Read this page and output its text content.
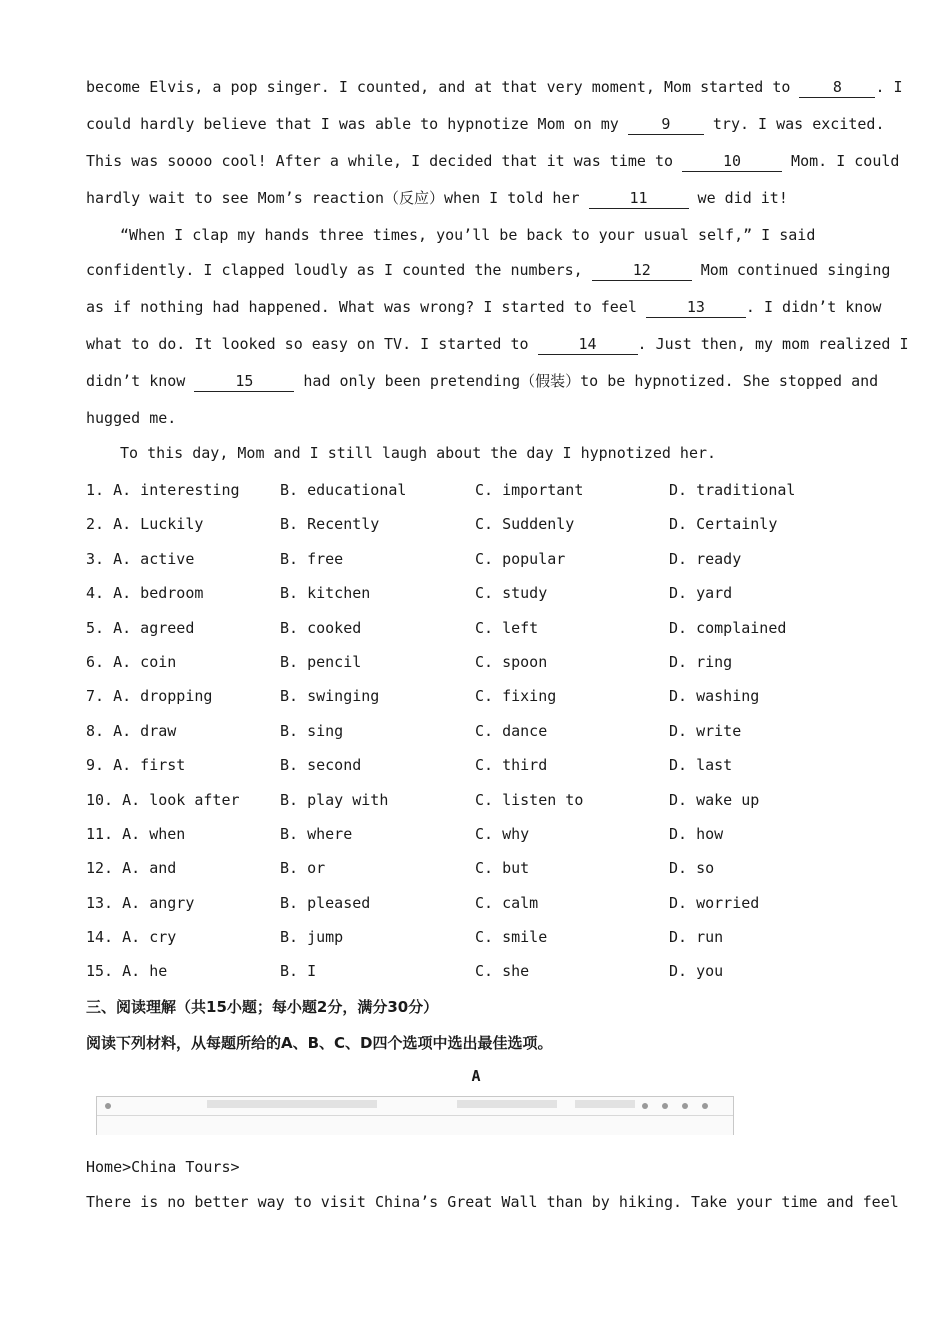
become Elvis, a pop singer. I counted, and at that very moment, Mom started to 8 . I
could hardly believe that I was able to hypnotize Mom on my 9 try. I was excited.
This was soooo cool! After a while, I decided that it was time to	10	Mom. I could
hardly wait to see Mom’s reaction（反应）when I told her	11	we did it!
“When I clap my hands three times, you’ll be back to your usual self,” I said
confidently. I clapped loudly as I counted the numbers,	12	Mom continued singing
as if nothing had happened. What was wrong? I started to feel	13	. I didn’t know
what to do. It looked so easy on TV. I started to	14	. Just then, my mom realized I
didn’t know	15	had only been pretending（假装）to be hypnotized. She stopped and
hugged me.
To this day, Mom and I still laugh about the day I hypnotized her.
1. A. interesting	B. educational	C. important	D. traditional
2. A. Luckily	B. Recently	C. Suddenly	D. Certainly
3. A. active	B. free	C. popular	D. ready
4. A. bedroom	B. kitchen	C. study	D. yard
5. A. agreed	B. cooked	C. left	D. complained
6. A. coin	B. pencil	C. spoon	D. ring
7. A. dropping	B. swinging	C. fixing	D. washing
8. A. draw	B. sing	C. dance	D. write
9. A. first	B. second	C. third	D. last
10. A. look after	B. play with	C. listen to	D. wake up
11. A. when	B. where	C. why	D. how
12. A. and	B. or	C. but	D. so
13. A. angry	B. pleased	C. calm	D. worried
14. A. cry	B. jump	C. smile	D. run
15. A. he	B. I	C. she	D. you
三、阅读理解（共15小题；每小题2分，满分30分）
阅读下列材料，从每题所给的A、B、C、D四个选项中选出最佳选项。
A
Home>China Tours>
There is no better way to visit China’s Great Wall than by hiking. Take your time and feel
